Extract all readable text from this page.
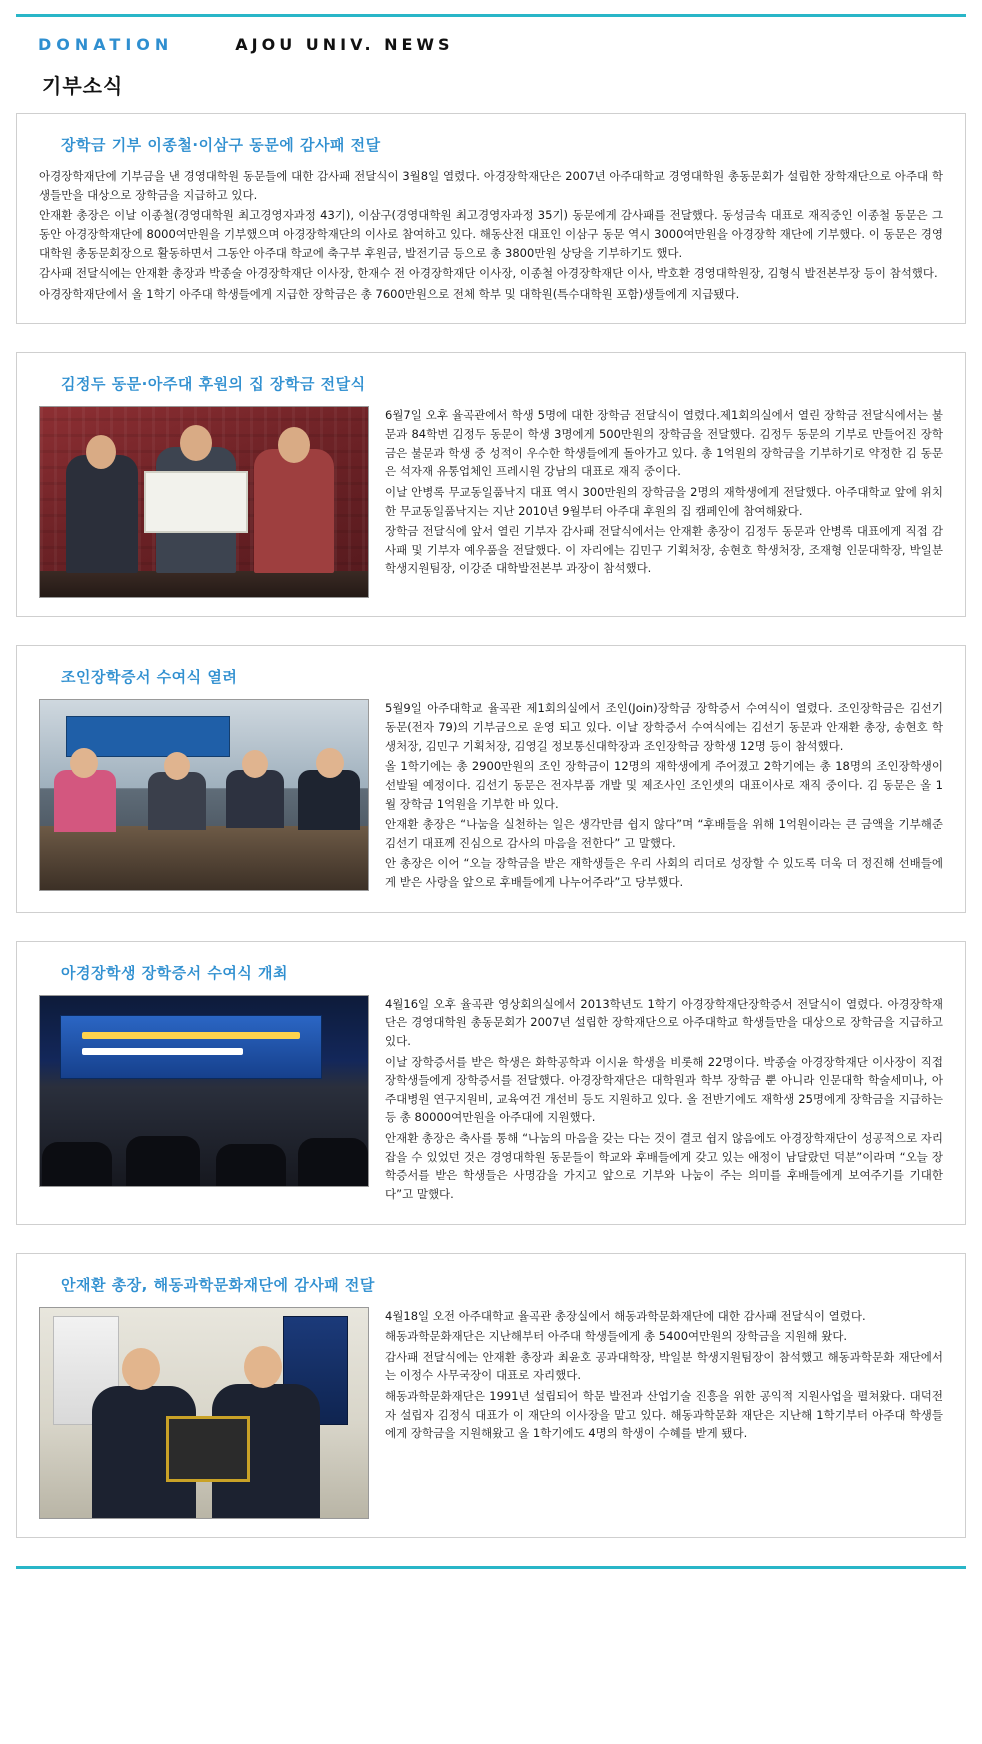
DONATION	AJOU UNIV. NEWS
기부소식
장학금 기부 이종철·이삼구 동문에 감사패 전달

아경장학재단에 기부금을 낸 경영대학원 동문들에 대한 감사패 전달식이 3월8일 열렸다. 아경장학재단은 2007년 아주대학교 경영대학원 총동문회가 설립한 장학재단으로 아주대 학생들만을 대상으로 장학금을 지급하고 있다.

안재환 총장은 이날 이종철(경영대학원 최고경영자과정 43기), 이삼구(경영대학원 최고경영자과정 35기) 동문에게 감사패를 전달했다. 동성금속 대표로 재직중인 이종철 동문은 그동안 아경장학재단에 8000여만원을 기부했으며 아경장학재단의 이사로 참여하고 있다. 해동산전 대표인 이삼구 동문 역시 3000여만원을 아경장학 재단에 기부했다. 이 동문은 경영대학원 총동문회장으로 활동하면서 그동안 아주대 학교에 축구부 후원금, 발전기금 등으로 총 3800만원 상당을 기부하기도 했다.

감사패 전달식에는 안재환 총장과 박종술 아경장학재단 이사장, 한재수 전 아경장학재단 이사장, 이종철 아경장학재단 이사, 박호환 경영대학원장, 김형식 발전본부장 등이 참석했다.

아경장학재단에서 올 1학기 아주대 학생들에게 지급한 장학금은 총 7600만원으로 전체 학부 및 대학원(특수대학원 포함)생들에게 지급됐다.

김정두 동문·아주대 후원의 집 장학금 전달식

6월7일 오후 율곡관에서 학생 5명에 대한 장학금 전달식이 열렸다.제1회의실에서 열린 장학금 전달식에서는 불문과 84학번 김정두 동문이 학생 3명에게 500만원의 장학금을 전달했다. 김정두 동문의 기부로 만들어진 장학금은 불문과 학생 중 성적이 우수한 학생들에게 돌아가고 있다. 총 1억원의 장학금을 기부하기로 약정한 김 동문은 석자재 유통업체인 프레시원 강남의 대표로 재직 중이다.

이날 안병록 무교동일품낙지 대표 역시 300만원의 장학금을 2명의 재학생에게 전달했다. 아주대학교 앞에 위치한 무교동일품낙지는 지난 2010년 9월부터 아주대 후원의 집 캠페인에 참여해왔다.

장학금 전달식에 앞서 열린 기부자 감사패 전달식에서는 안재환 총장이 김정두 동문과 안병록 대표에게 직접 감사패 및 기부자 예우품을 전달했다. 이 자리에는 김민구 기획처장, 송현호 학생처장, 조재형 인문대학장, 박일분 학생지원팀장, 이강준 대학발전본부 과장이 참석했다.

조인장학증서 수여식 열려

5월9일 아주대학교 율곡관 제1회의실에서 조인(Join)장학금 장학증서 수여식이 열렸다. 조인장학금은 김선기 동문(전자 79)의 기부금으로 운영 되고 있다. 이날 장학증서 수여식에는 김선기 동문과 안재환 총장, 송현호 학생처장, 김민구 기획처장, 김영길 정보통신대학장과 조인장학금 장학생 12명 등이 참석했다.

올 1학기에는 총 2900만원의 조인 장학금이 12명의 재학생에게 주어졌고 2학기에는 총 18명의 조인장학생이 선발될 예정이다. 김선기 동문은 전자부품 개발 및 제조사인 조인셋의 대표이사로 재직 중이다. 김 동문은 올 1월 장학금 1억원을 기부한 바 있다.

안재환 총장은 “나눔을 실천하는 일은 생각만큼 쉽지 않다”며 “후배들을 위해 1억원이라는 큰 금액을 기부해준 김선기 대표께 진심으로 감사의 마음을 전한다” 고 말했다.

안 총장은 이어 “오늘 장학금을 받은 재학생들은 우리 사회의 리더로 성장할 수 있도록 더욱 더 정진해 선배들에게 받은 사랑을 앞으로 후배들에게 나누어주라”고 당부했다.

아경장학생 장학증서 수여식 개최

4월16일 오후 율곡관 영상회의실에서 2013학년도 1학기 아경장학재단장학증서 전달식이 열렸다. 아경장학재단은 경영대학원 총동문회가 2007년 설립한 장학재단으로 아주대학교 학생들만을 대상으로 장학금을 지급하고 있다.

이날 장학증서를 받은 학생은 화학공학과 이시윤 학생을 비롯해 22명이다. 박종술 아경장학재단 이사장이 직접 장학생들에게 장학증서를 전달했다. 아경장학재단은 대학원과 학부 장학금 뿐 아니라 인문대학 학술세미나, 아주대병원 연구지원비, 교육여건 개선비 등도 지원하고 있다. 올 전반기에도 재학생 25명에게 장학금을 지급하는 등 총 80000여만원을 아주대에 지원했다.

안재환 총장은 축사를 통해 “나눔의 마음을 갖는 다는 것이 결코 쉽지 않음에도 아경장학재단이 성공적으로 자리잡을 수 있었던 것은 경영대학원 동문들이 학교와 후배들에게 갖고 있는 애정이 남달랐던 덕분”이라며 “오늘 장학증서를 받은 학생들은 사명감을 가지고 앞으로 기부와 나눔이 주는 의미를 후배들에게 보여주기를 기대한다”고 말했다.

안재환 총장, 해동과학문화재단에 감사패 전달

4월18일 오전 아주대학교 율곡관 총장실에서 해동과학문화재단에 대한 감사패 전달식이 열렸다.

해동과학문화재단은 지난해부터 아주대 학생들에게 총 5400여만원의 장학금을 지원해 왔다.

감사패 전달식에는 안재환 총장과 최윤호 공과대학장, 박일분 학생지원팀장이 참석했고 해동과학문화 재단에서는 이정수 사무국장이 대표로 자리했다.

해동과학문화재단은 1991년 설립되어 학문 발전과 산업기술 진흥을 위한 공익적 지원사업을 펼쳐왔다. 대덕전자 설립자 김정식 대표가 이 재단의 이사장을 맡고 있다. 해동과학문화 재단은 지난해 1학기부터 아주대 학생들에게 장학금을 지원해왔고 올 1학기에도 4명의 학생이 수혜를 받게 됐다.
